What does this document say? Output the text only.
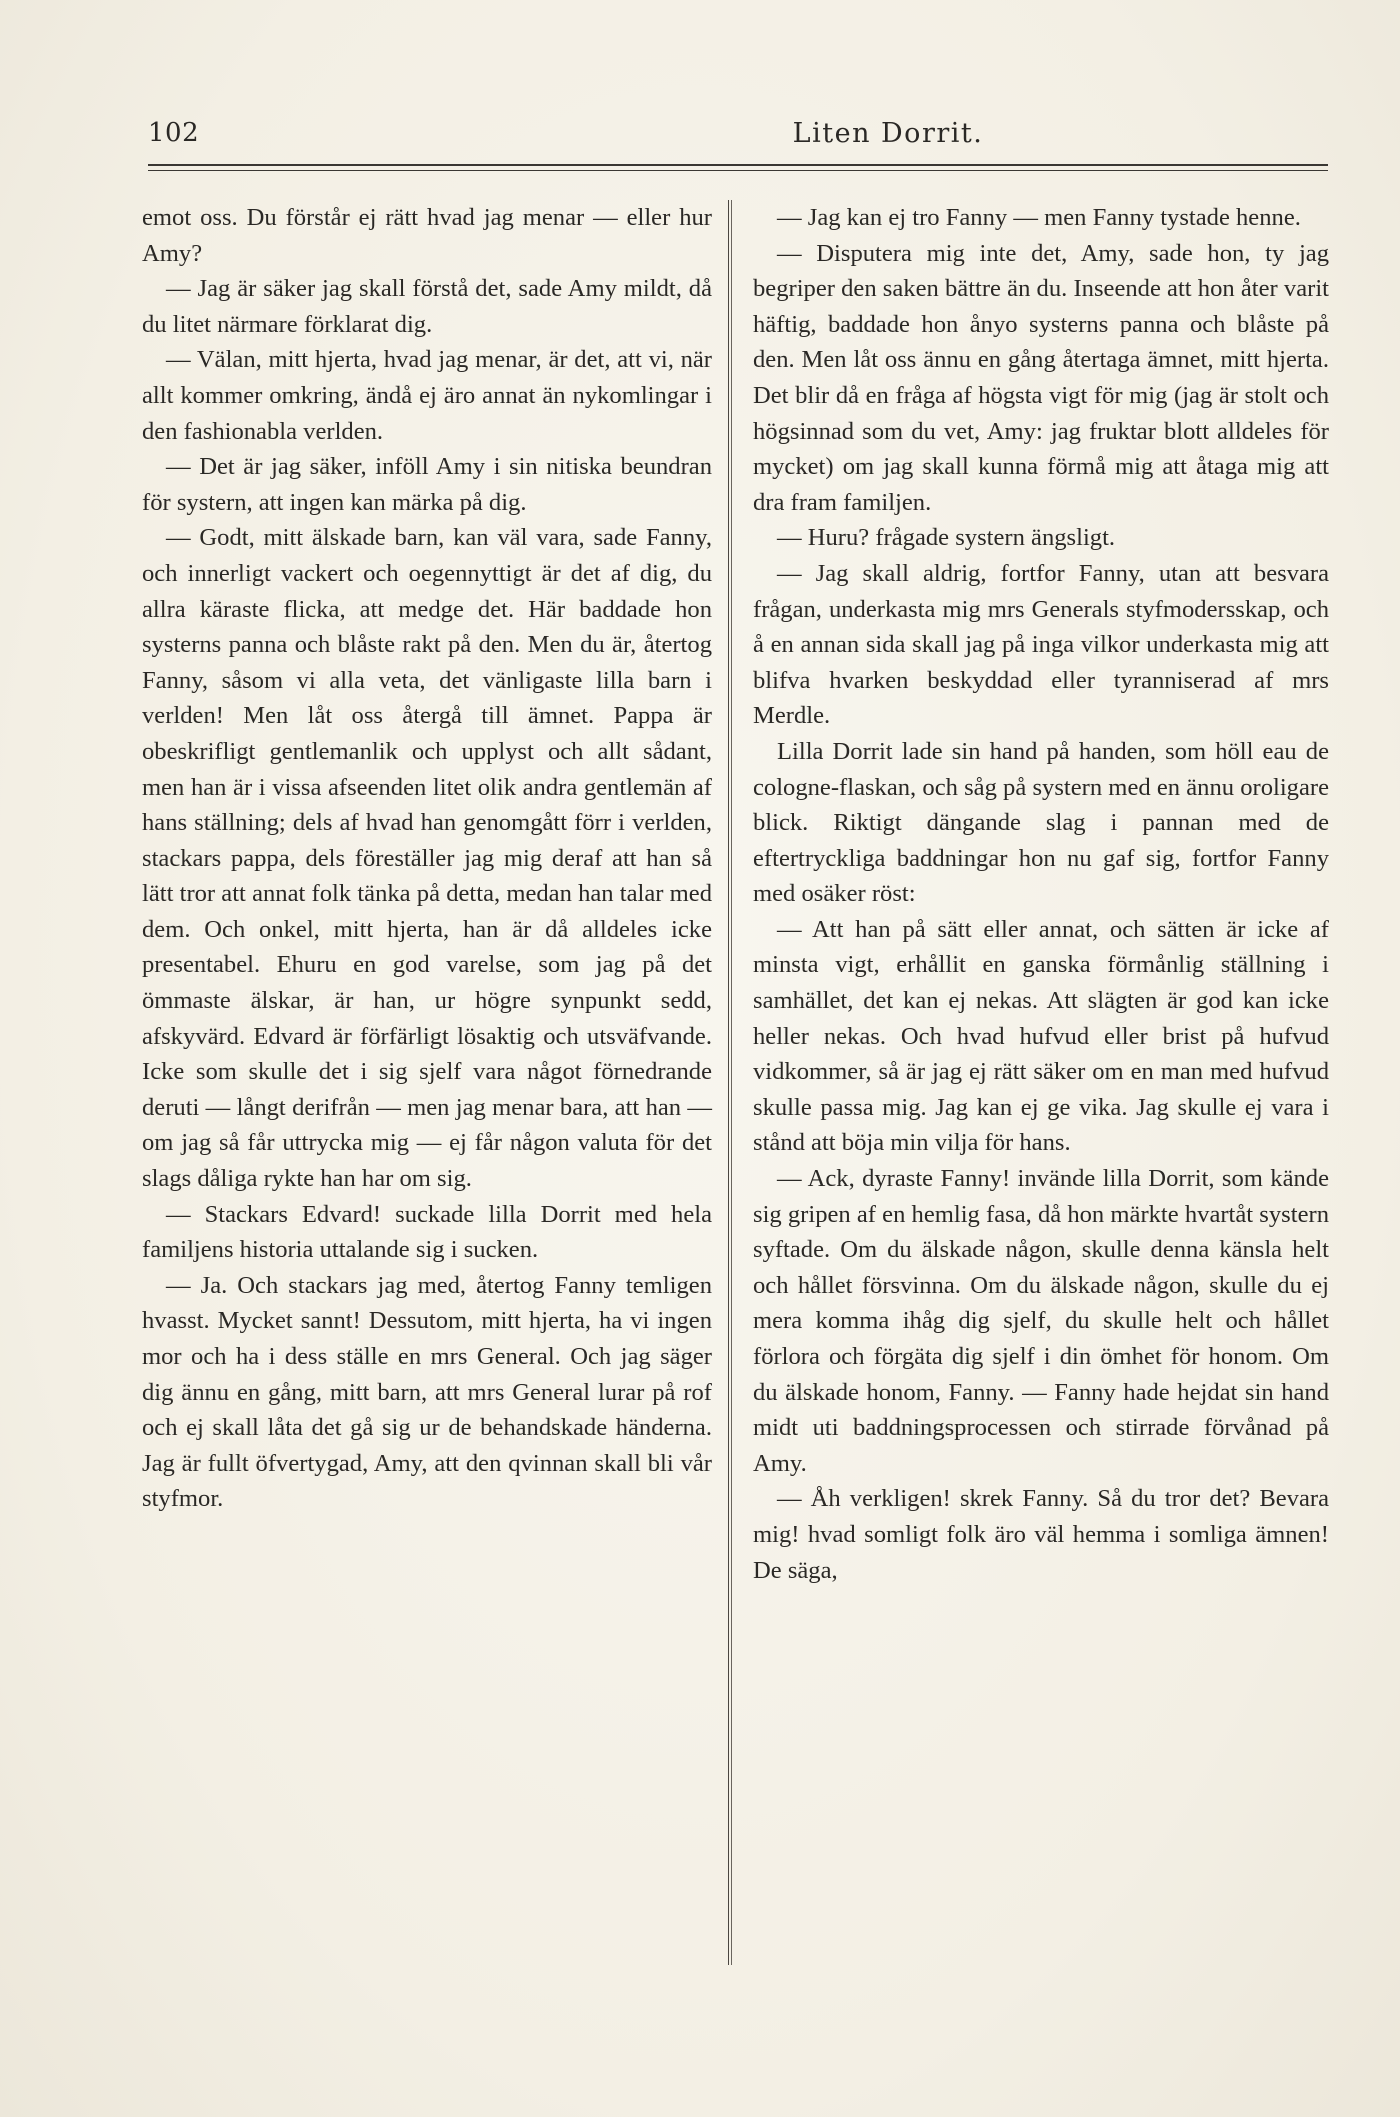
102	Liten Dorrit.

emot oss. Du förstår ej rätt hvad jag menar — eller hur Amy?

— Jag är säker jag skall förstå det, sade Amy mildt, då du litet närmare förklarat dig.

— Välan, mitt hjerta, hvad jag menar, är det, att vi, när allt kommer omkring, ändå ej äro annat än nykomlingar i den fashionabla verlden.

— Det är jag säker, inföll Amy i sin nitiska beundran för systern, att ingen kan märka på dig.

— Godt, mitt älskade barn, kan väl vara, sade Fanny, och innerligt vackert och oegennyttigt är det af dig, du allra käraste flicka, att medge det. Här baddade hon systerns panna och blåste rakt på den. Men du är, återtog Fanny, såsom vi alla veta, det vänligaste lilla barn i verlden! Men låt oss återgå till ämnet. Pappa är obeskrifligt gentlemanlik och upplyst och allt sådant, men han är i vissa afseenden litet olik andra gentlemän af hans ställning; dels af hvad han genomgått förr i verlden, stackars pappa, dels föreställer jag mig deraf att han så lätt tror att annat folk tänka på detta, medan han talar med dem. Och onkel, mitt hjerta, han är då alldeles icke presentabel. Ehuru en god varelse, som jag på det ömmaste älskar, är han, ur högre synpunkt sedd, afskyvärd. Edvard är förfärligt lösaktig och utsväfvande. Icke som skulle det i sig sjelf vara något förnedrande deruti — långt derifrån — men jag menar bara, att han — om jag så får uttrycka mig — ej får någon valuta för det slags dåliga rykte han har om sig.

— Stackars Edvard! suckade lilla Dorrit med hela familjens historia uttalande sig i sucken.

— Ja. Och stackars jag med, återtog Fanny temligen hvasst. Mycket sannt! Dessutom, mitt hjerta, ha vi ingen mor och ha i dess ställe en mrs General. Och jag säger dig ännu en gång, mitt barn, att mrs General lurar på rof och ej skall låta det gå sig ur de behandskade händerna. Jag är fullt öfvertygad, Amy, att den qvinnan skall bli vår styfmor.

— Jag kan ej tro Fanny — men Fanny tystade henne.

— Disputera mig inte det, Amy, sade hon, ty jag begriper den saken bättre än du. Inseende att hon åter varit häftig, baddade hon ånyo systerns panna och blåste på den. Men låt oss ännu en gång återtaga ämnet, mitt hjerta. Det blir då en fråga af högsta vigt för mig (jag är stolt och högsinnad som du vet, Amy: jag fruktar blott alldeles för mycket) om jag skall kunna förmå mig att åtaga mig att dra fram familjen.

— Huru? frågade systern ängsligt.

— Jag skall aldrig, fortfor Fanny, utan att besvara frågan, underkasta mig mrs Generals styfmodersskap, och å en annan sida skall jag på inga vilkor underkasta mig att blifva hvarken beskyddad eller tyranniserad af mrs Merdle.

Lilla Dorrit lade sin hand på handen, som höll eau de cologne-flaskan, och såg på systern med en ännu oroligare blick. Riktigt dängande slag i pannan med de eftertryckliga baddningar hon nu gaf sig, fortfor Fanny med osäker röst:

— Att han på sätt eller annat, och sätten är icke af minsta vigt, erhållit en ganska förmånlig ställning i samhället, det kan ej nekas. Att slägten är god kan icke heller nekas. Och hvad hufvud eller brist på hufvud vidkommer, så är jag ej rätt säker om en man med hufvud skulle passa mig. Jag kan ej ge vika. Jag skulle ej vara i stånd att böja min vilja för hans.

— Ack, dyraste Fanny! invände lilla Dorrit, som kände sig gripen af en hemlig fasa, då hon märkte hvartåt systern syftade. Om du älskade någon, skulle denna känsla helt och hållet försvinna. Om du älskade någon, skulle du ej mera komma ihåg dig sjelf, du skulle helt och hållet förlora och förgäta dig sjelf i din ömhet för honom. Om du älskade honom, Fanny. — Fanny hade hejdat sin hand midt uti baddningsprocessen och stirrade förvånad på Amy.

— Åh verkligen! skrek Fanny. Så du tror det? Bevara mig! hvad somligt folk äro väl hemma i somliga ämnen! De säga,
